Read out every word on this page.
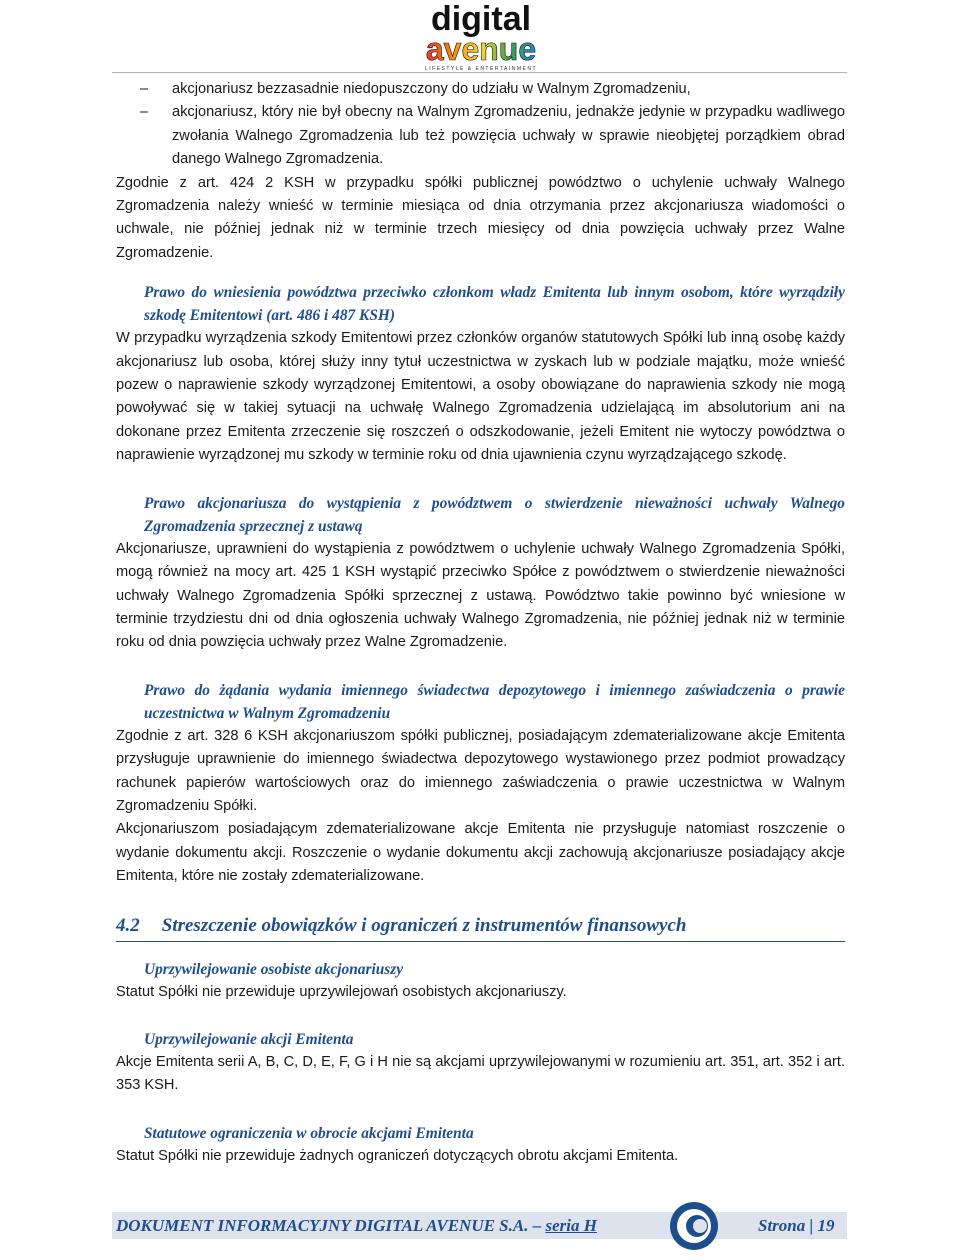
digital
avenue
LIFESTYLE & ENTERTAINMENT
– akcjonariusz bezzasadnie niedopuszczony do udziału w Walnym Zgromadzeniu,
– akcjonariusz, który nie był obecny na Walnym Zgromadzeniu, jednakże jedynie w przypadku wadliwego zwołania Walnego Zgromadzenia lub też powzięcia uchwały w sprawie nieobjętej porządkiem obrad danego Walnego Zgromadzenia.

Zgodnie z art. 424 2 KSH w przypadku spółki publicznej powództwo o uchylenie uchwały Walnego Zgromadzenia należy wnieść w terminie miesiąca od dnia otrzymania przez akcjonariusza wiadomości o uchwale, nie później jednak niż w terminie trzech miesięcy od dnia powzięcia uchwały przez Walne Zgromadzenie.

Prawo do wniesienia powództwa przeciwko członkom władz Emitenta lub innym osobom, które wyrządziły szkodę Emitentowi (art. 486 i 487 KSH)

W przypadku wyrządzenia szkody Emitentowi przez członków organów statutowych Spółki lub inną osobę każdy akcjonariusz lub osoba, której służy inny tytuł uczestnictwa w zyskach lub w podziale majątku, może wnieść pozew o naprawienie szkody wyrządzonej Emitentowi, a osoby obowiązane do naprawienia szkody nie mogą powoływać się w takiej sytuacji na uchwałę Walnego Zgromadzenia udzielającą im absolutorium ani na dokonane przez Emitenta zrzeczenie się roszczeń o odszkodowanie, jeżeli Emitent nie wytoczy powództwa o naprawienie wyrządzonej mu szkody w terminie roku od dnia ujawnienia czynu wyrządzającego szkodę.

Prawo akcjonariusza do wystąpienia z powództwem o stwierdzenie nieważności uchwały Walnego Zgromadzenia sprzecznej z ustawą

Akcjonariusze, uprawnieni do wystąpienia z powództwem o uchylenie uchwały Walnego Zgromadzenia Spółki, mogą również na mocy art. 425 1 KSH wystąpić przeciwko Spółce z powództwem o stwierdzenie nieważności uchwały Walnego Zgromadzenia Spółki sprzecznej z ustawą. Powództwo takie powinno być wniesione w terminie trzydziestu dni od dnia ogłoszenia uchwały Walnego Zgromadzenia, nie później jednak niż w terminie roku od dnia powzięcia uchwały przez Walne Zgromadzenie.

Prawo do żądania wydania imiennego świadectwa depozytowego i imiennego zaświadczenia o prawie uczestnictwa w Walnym Zgromadzeniu

Zgodnie z art. 328 6 KSH akcjonariuszom spółki publicznej, posiadającym zdematerializowane akcje Emitenta przysługuje uprawnienie do imiennego świadectwa depozytowego wystawionego przez podmiot prowadzący rachunek papierów wartościowych oraz do imiennego zaświadczenia o prawie uczestnictwa w Walnym Zgromadzeniu Spółki.

Akcjonariuszom posiadającym zdematerializowane akcje Emitenta nie przysługuje natomiast roszczenie o wydanie dokumentu akcji. Roszczenie o wydanie dokumentu akcji zachowują akcjonariusze posiadający akcje Emitenta, które nie zostały zdematerializowane.

4.2 Streszczenie obowiązków i ograniczeń z instrumentów finansowych
Uprzywilejowanie osobiste akcjonariuszy

Statut Spółki nie przewiduje uprzywilejowań osobistych akcjonariuszy.

Uprzywilejowanie akcji Emitenta

Akcje Emitenta serii A, B, C, D, E, F, G i H nie są akcjami uprzywilejowanymi w rozumieniu art. 351, art. 352 i art. 353 KSH.

Statutowe ograniczenia w obrocie akcjami Emitenta

Statut Spółki nie przewiduje żadnych ograniczeń dotyczących obrotu akcjami Emitenta.

DOKUMENT INFORMACYJNY DIGITAL AVENUE S.A. – seria H	Strona | 19
